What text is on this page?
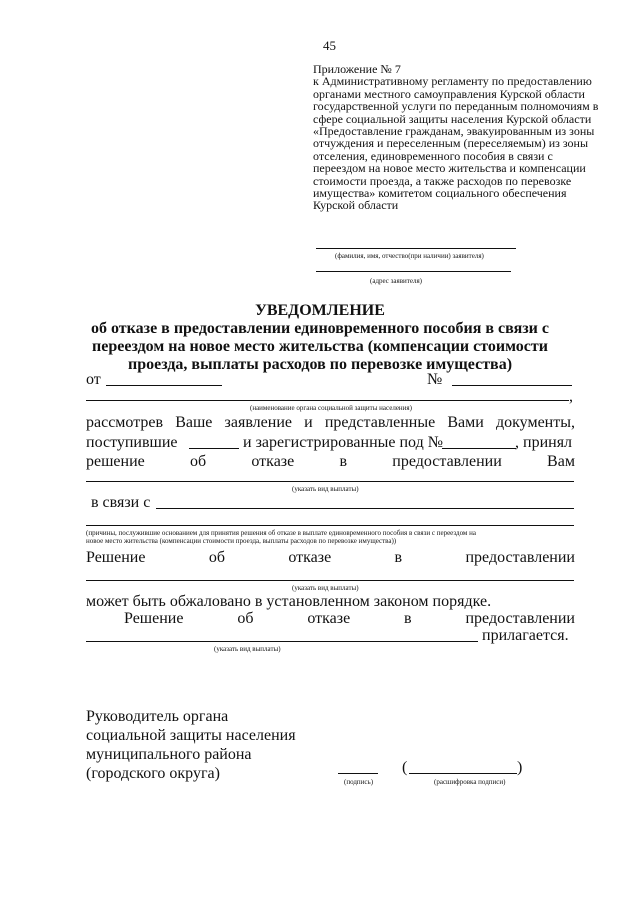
45
Приложение № 7
к Административному регламенту по предоставлению
органами местного самоуправления Курской области
государственной услуги по переданным полномочиям в
сфере социальной защиты населения Курской области
«Предоставление гражданам, эвакуированным из зоны
отчуждения и переселенным (переселяемым) из зоны
отселения, единовременного пособия в связи с
переездом на новое место жительства и компенсации
стоимости проезда, а также расходов по перевозке
имущества» комитетом социального обеспечения
Курской области
(фамилия, имя, отчество(при наличии) заявителя)
(адрес заявителя)
УВЕДОМЛЕНИЕ
об отказе в предоставлении единовременного пособия в связи с
переездом на новое место жительства (компенсации стоимости
проезда, выплаты расходов по перевозке имущества)
от	№
,
(наименование органа социальной защиты населения)
рассмотрев Ваше заявление и представленные Вами документы,
поступившие	и зарегистрированные под №	, принял
решение	об	отказе	в	предоставлении	Вам
(указать вид выплаты)
в связи с
(причины, послужившие основанием для принятия решения об отказе в выплате единовременного пособия в связи с переездом на
новое место жительства (компенсации стоимости проезда, выплаты расходов по перевозке имущества))
Решение	об	отказе	в	предоставлении
(указать вид выплаты)
может быть обжаловано в установленном законом порядке.
Решение	об	отказе	в	предоставлении
прилагается.
(указать вид выплаты)
Руководитель органа
социальной защиты населения
муниципального района
(городского округа)	(подпись)
(	)
(расшифровка подписи)
